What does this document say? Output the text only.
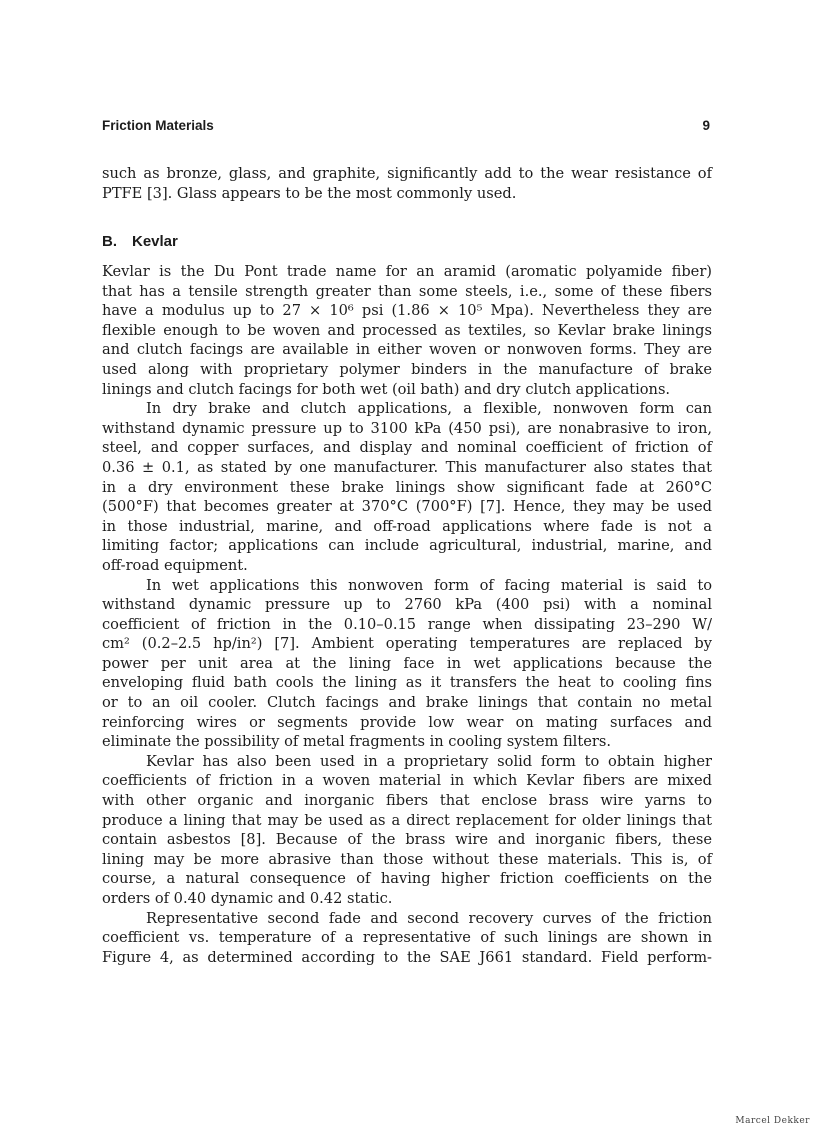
Friction Materials	9
such as bronze, glass, and graphite, significantly add to the wear resistance of
PTFE [3]. Glass appears to be the most commonly used.
B. Kevlar
Kevlar is the Du Pont trade name for an aramid (aromatic polyamide fiber)
that has a tensile strength greater than some steels, i.e., some of these fibers
have a modulus up to 27 × 10⁶ psi (1.86 × 10⁵ Mpa). Nevertheless they are
flexible enough to be woven and processed as textiles, so Kevlar brake linings
and clutch facings are available in either woven or nonwoven forms. They are
used along with proprietary polymer binders in the manufacture of brake
linings and clutch facings for both wet (oil bath) and dry clutch applications.
In dry brake and clutch applications, a flexible, nonwoven form can
withstand dynamic pressure up to 3100 kPa (450 psi), are nonabrasive to iron,
steel, and copper surfaces, and display and nominal coefficient of friction of
0.36 ± 0.1, as stated by one manufacturer. This manufacturer also states that
in a dry environment these brake linings show significant fade at 260°C
(500°F) that becomes greater at 370°C (700°F) [7]. Hence, they may be used
in those industrial, marine, and off-road applications where fade is not a
limiting factor; applications can include agricultural, industrial, marine, and
off-road equipment.
In wet applications this nonwoven form of facing material is said to
withstand dynamic pressure up to 2760 kPa (400 psi) with a nominal
coefficient of friction in the 0.10–0.15 range when dissipating 23–290 W/
cm² (0.2–2.5 hp/in²) [7]. Ambient operating temperatures are replaced by
power per unit area at the lining face in wet applications because the
enveloping fluid bath cools the lining as it transfers the heat to cooling fins
or to an oil cooler. Clutch facings and brake linings that contain no metal
reinforcing wires or segments provide low wear on mating surfaces and
eliminate the possibility of metal fragments in cooling system filters.
Kevlar has also been used in a proprietary solid form to obtain higher
coefficients of friction in a woven material in which Kevlar fibers are mixed
with other organic and inorganic fibers that enclose brass wire yarns to
produce a lining that may be used as a direct replacement for older linings that
contain asbestos [8]. Because of the brass wire and inorganic fibers, these
lining may be more abrasive than those without these materials. This is, of
course, a natural consequence of having higher friction coefficients on the
orders of 0.40 dynamic and 0.42 static.
Representative second fade and second recovery curves of the friction
coefficient vs. temperature of a representative of such linings are shown in
Figure 4, as determined according to the SAE J661 standard. Field perform-
Marcel Dekker
